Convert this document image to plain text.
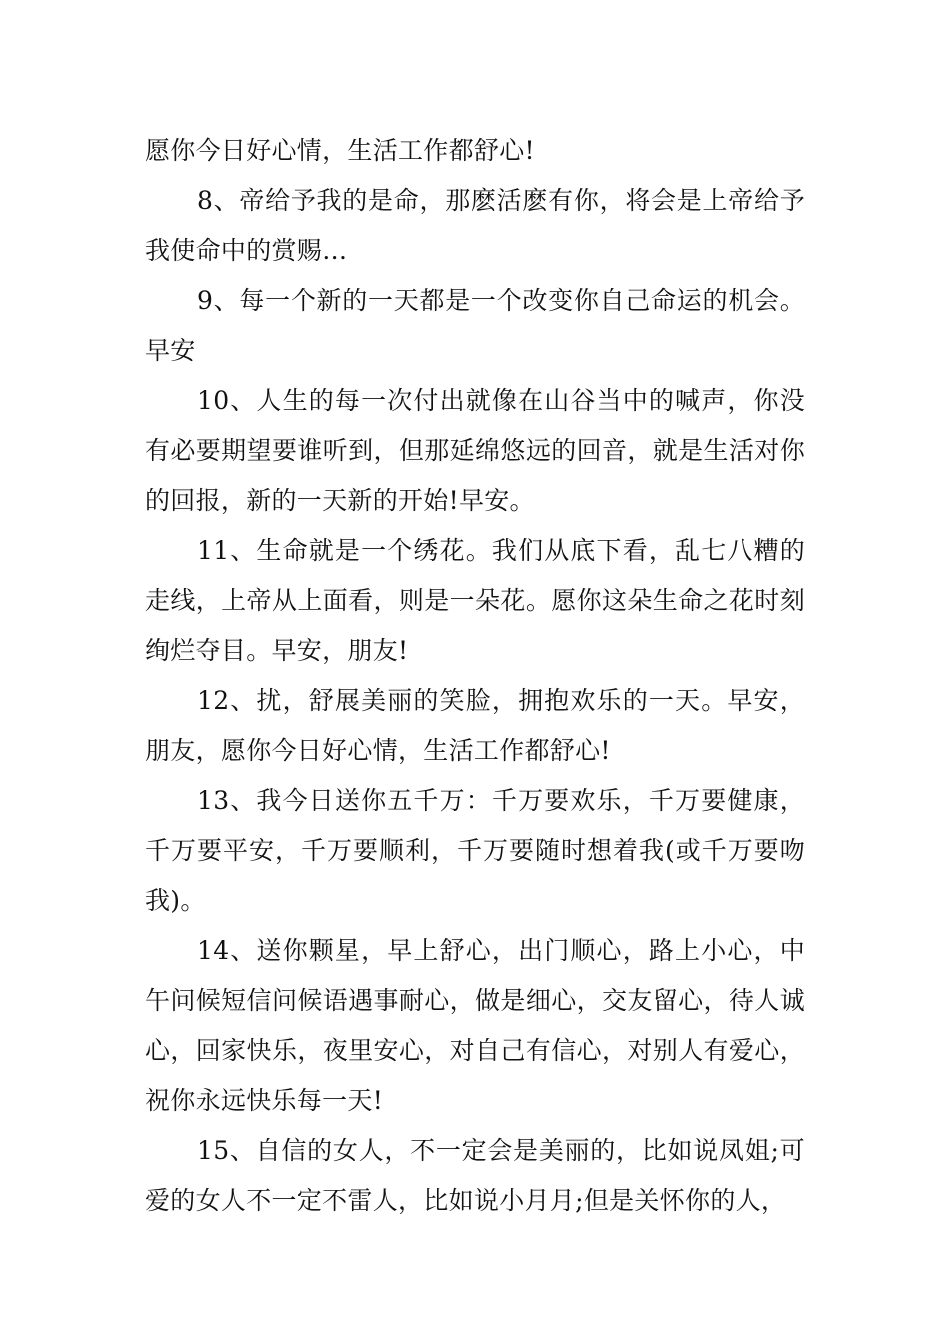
愿你今日好心情，生活工作都舒心!

8、帝给予我的是命，那麽活麽有你，将会是上帝给予我使命中的赏赐…

9、每一个新的一天都是一个改变你自己命运的机会。早安

10、人生的每一次付出就像在山谷当中的喊声，你没有必要期望要谁听到，但那延绵悠远的回音，就是生活对你的回报，新的一天新的开始!早安。

11、生命就是一个绣花。我们从底下看，乱七八糟的走线，上帝从上面看，则是一朵花。愿你这朵生命之花时刻绚烂夺目。早安，朋友!

12、扰，舒展美丽的笑脸，拥抱欢乐的一天。早安，朋友，愿你今日好心情，生活工作都舒心!

13、我今日送你五千万：千万要欢乐，千万要健康，千万要平安，千万要顺利，千万要随时想着我(或千万要吻我)。

14、送你颗星，早上舒心，出门顺心，路上小心，中午问候短信问候语遇事耐心，做是细心，交友留心，待人诚心，回家快乐，夜里安心，对自己有信心，对别人有爱心，祝你永远快乐每一天!

15、自信的女人，不一定会是美丽的，比如说凤姐;可爱的女人不一定不雷人，比如说小月月;但是关怀你的人，
